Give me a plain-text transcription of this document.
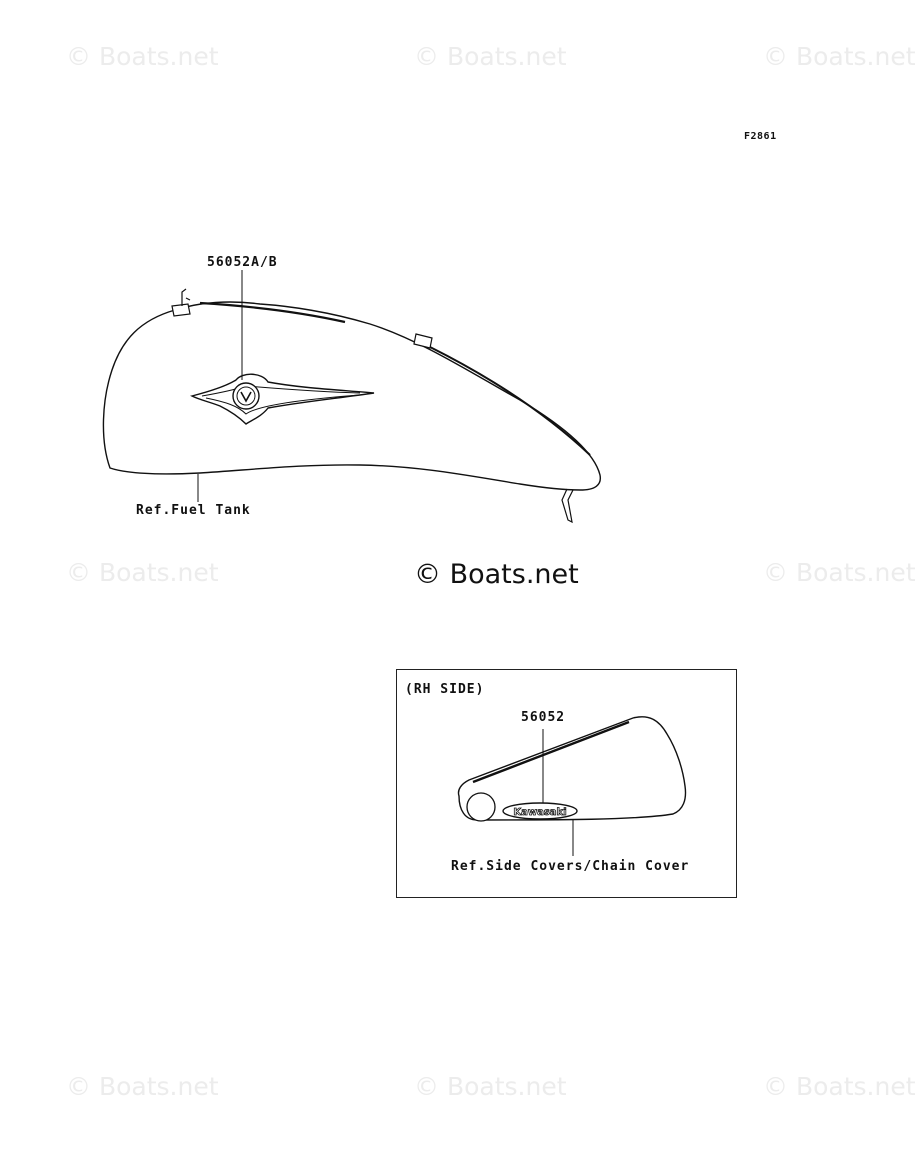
© Boats.net	© Boats.net	© Boats.net
© Boats.net	© Boats.net	© Boats.net
© Boats.net	© Boats.net	© Boats.net
F2861
56052A/B
Ref.Fuel Tank
(RH SIDE)
56052
Kawasaki
Ref.Side Covers/Chain Cover
